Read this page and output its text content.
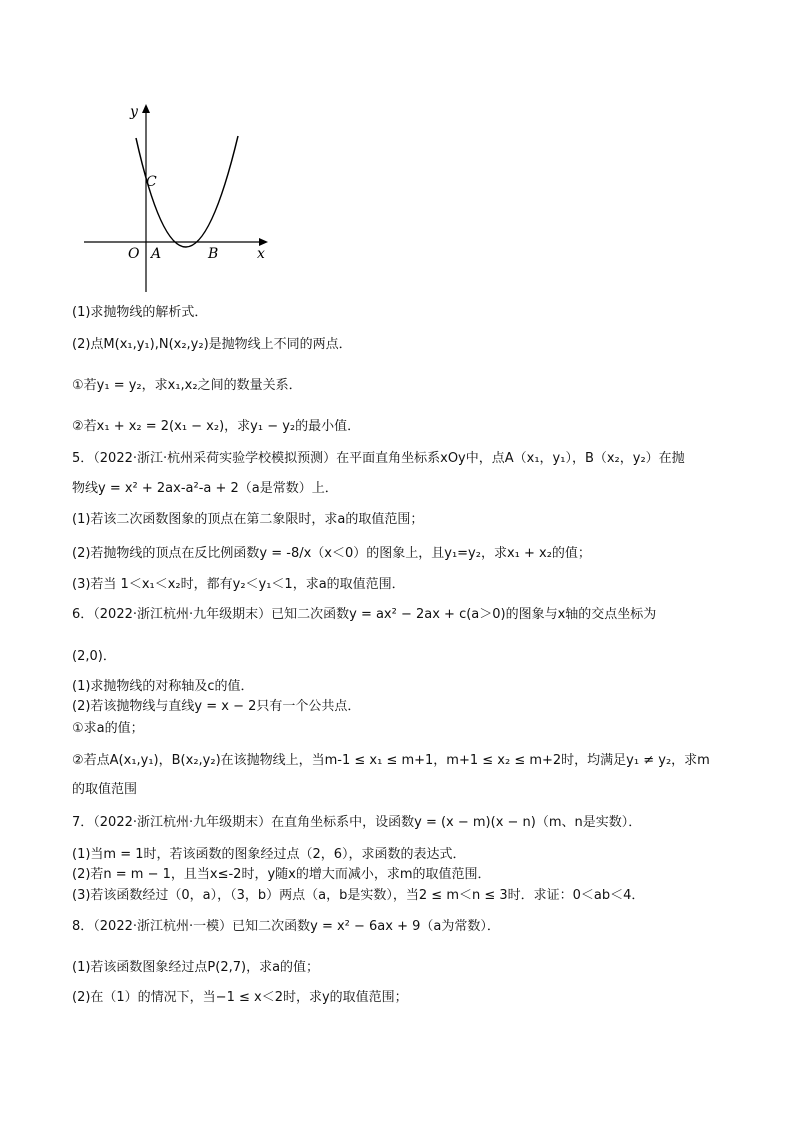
y
x
O A	B
C
(1)求抛物线的解析式．
(2)点M(x₁,y₁),N(x₂,y₂)是抛物线上不同的两点．
①若y₁ = y₂，求x₁,x₂之间的数量关系．
②若x₁ + x₂ = 2(x₁ − x₂)，求y₁ − y₂的最小值．
5．（2022·浙江·杭州采荷实验学校模拟预测）在平面直角坐标系xOy中，点A（x₁，y₁），B（x₂，y₂）在抛
物线y = x² + 2ax-a²-a + 2（a是常数）上．
(1)若该二次函数图象的顶点在第二象限时，求a的取值范围；
(2)若抛物线的顶点在反比例函数y = -8/x（x＜0）的图象上，且y₁=y₂，求x₁ + x₂的值；
(3)若当 1＜x₁＜x₂时，都有y₂＜y₁＜1，求a的取值范围．
6．（2022·浙江杭州·九年级期末）已知二次函数y = ax² − 2ax + c(a＞0)的图象与x轴的交点坐标为
(2,0)．
(1)求抛物线的对称轴及c的值．
(2)若该抛物线与直线y = x − 2只有一个公共点．
①求a的值；
②若点A(x₁,y₁)，B(x₂,y₂)在该抛物线上，当m-1 ≤ x₁ ≤ m+1，m+1 ≤ x₂ ≤ m+2时，均满足y₁ ≠ y₂，求m
的取值范围
7．（2022·浙江杭州·九年级期末）在直角坐标系中，设函数y = (x − m)(x − n)（m、n是实数）．
(1)当m = 1时，若该函数的图象经过点（2，6），求函数的表达式．
(2)若n = m − 1，且当x≤-2时，y随x的增大而减小，求m的取值范围．
(3)若该函数经过（0，a），（3，b）两点（a，b是实数），当2 ≤ m＜n ≤ 3时．求证：0＜ab＜4．
8．（2022·浙江杭州·一模）已知二次函数y = x² − 6ax + 9（a为常数）．
(1)若该函数图象经过点P(2,7)，求a的值；
(2)在（1）的情况下，当−1 ≤ x＜2时，求y的取值范围；
